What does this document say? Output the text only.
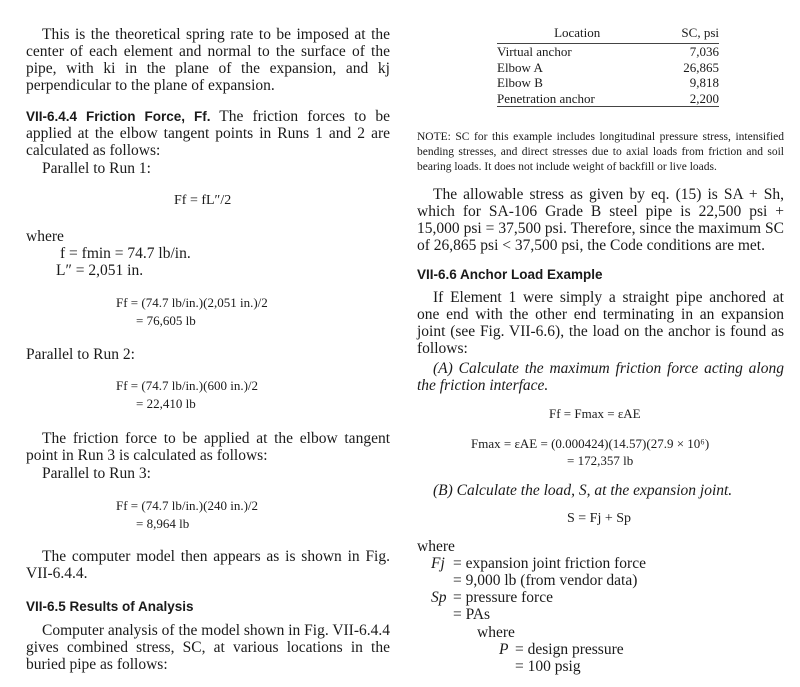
This is the theoretical spring rate to be imposed at the center of each element and normal to the surface of the pipe, with ki in the plane of the expansion, and kj perpendicular to the plane of expansion.

VII-6.4.4 Friction Force, Ff. The friction forces to be applied at the elbow tangent points in Runs 1 and 2 are calculated as follows:

Parallel to Run 1:

Ff = fL″/2

where

f = fmin = 74.7 lb/in.

L″ = 2,051 in.

Ff = (74.7 lb/in.)(2,051 in.)/2
= 76,605 lb

Parallel to Run 2:

Ff = (74.7 lb/in.)(600 in.)/2
= 22,410 lb

The friction force to be applied at the elbow tangent point in Run 3 is calculated as follows:

Parallel to Run 3:

Ff = (74.7 lb/in.)(240 in.)/2
= 8,964 lb

The computer model then appears as is shown in Fig. VII-6.4.4.

VII-6.5 Results of Analysis

Computer analysis of the model shown in Fig. VII-6.4.4 gives combined stress, SC, at various locations in the buried pipe as follows:

Location	SC, psi
Virtual anchor	7,036
Elbow A	26,865
Elbow B	9,818
Penetration anchor	2,200

NOTE: SC for this example includes longitudinal pressure stress, intensified bending stresses, and direct stresses due to axial loads from friction and soil bearing loads. It does not include weight of backfill or live loads.

The allowable stress as given by eq. (15) is SA + Sh, which for SA-106 Grade B steel pipe is 22,500 psi + 15,000 psi = 37,500 psi. Therefore, since the maximum SC of 26,865 psi < 37,500 psi, the Code conditions are met.

VII-6.6 Anchor Load Example

If Element 1 were simply a straight pipe anchored at one end with the other end terminating in an expansion joint (see Fig. VII-6.6), the load on the anchor is found as follows:

(A) Calculate the maximum friction force acting along the friction interface.

Ff = Fmax = εAE
Fmax = εAE = (0.000424)(14.57)(27.9 × 10⁶)
= 172,357 lb

(B) Calculate the load, S, at the expansion joint.

S = Fj + Sp

where

Fj = expansion joint friction force

= 9,000 lb (from vendor data)

Sp = pressure force

= PAs

where

P = design pressure

= 100 psig
